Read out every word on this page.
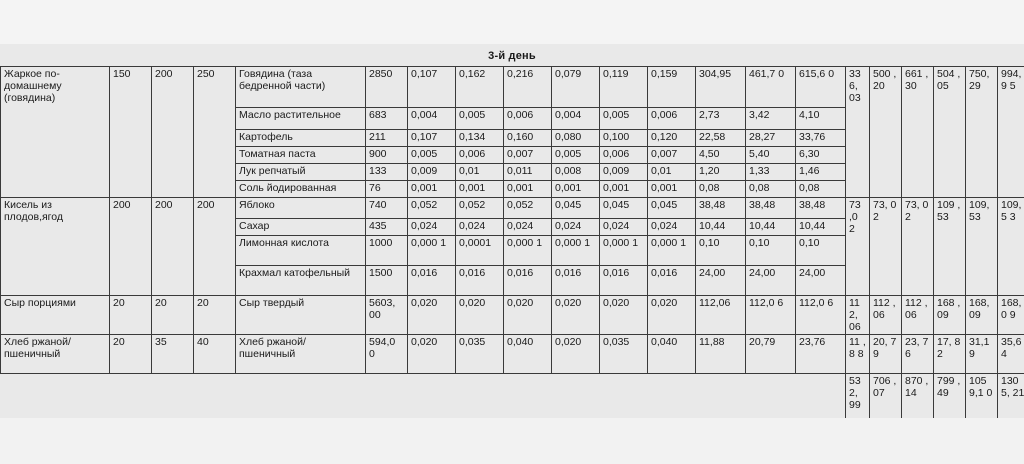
3-й день
Жаркое по-домашнему (говядина)	150	200	250	Говядина (таза бедренной части)	2850	0,107	0,162	0,216	0,079	0,119	0,159	304,95	461,7 0	615,6 0	33 6, 03	500 ,20	661 ,30	504 ,05	750, 29	994,9 5
				Масло растительное	683	0,004	0,005	0,006	0,004	0,005	0,006	2,73	3,42	4,10						
				Картофель	211	0,107	0,134	0,160	0,080	0,100	0,120	22,58	28,27	33,76						
				Томатная паста	900	0,005	0,006	0,007	0,005	0,006	0,007	4,50	5,40	6,30						
				Лук репчатый	133	0,009	0,01	0,011	0,008	0,009	0,01	1,20	1,33	1,46						
				Соль йодированная	76	0,001	0,001	0,001	0,001	0,001	0,001	0,08	0,08	0,08						
Кисель из плодов,ягод	200	200	200	Яблоко	740	0,052	0,052	0,052	0,045	0,045	0,045	38,48	38,48	38,48	73 ,0 2	73, 02	73, 02	109 ,53	109, 53	109,5 3
				Сахар	435	0,024	0,024	0,024	0,024	0,024	0,024	10,44	10,44	10,44						
				Лимонная кислота	1000	0,000 1	0,0001	0,000 1	0,000 1	0,000 1	0,000 1	0,10	0,10	0,10						
				Крахмал катофельный	1500	0,016	0,016	0,016	0,016	0,016	0,016	24,00	24,00	24,00						
Сыр порциями	20	20	20	Сыр твердый	5603, 00	0,020	0,020	0,020	0,020	0,020	0,020	112,06	112,0 6	112,0 6	11 2, 06	112 ,06	112 ,06	168 ,09	168, 09	168,0 9
Хлеб ржаной/пшеничный	20	35	40	Хлеб ржаной/пшеничный	594,0 0	0,020	0,035	0,040	0,020	0,035	0,040	11,88	20,79	23,76	11 ,8 8	20, 79	23, 76	17, 82	31,1 9	35,64
															53 2, 99	706 ,07	870 ,14	799 ,49	105 9,1 0	1305, 21
